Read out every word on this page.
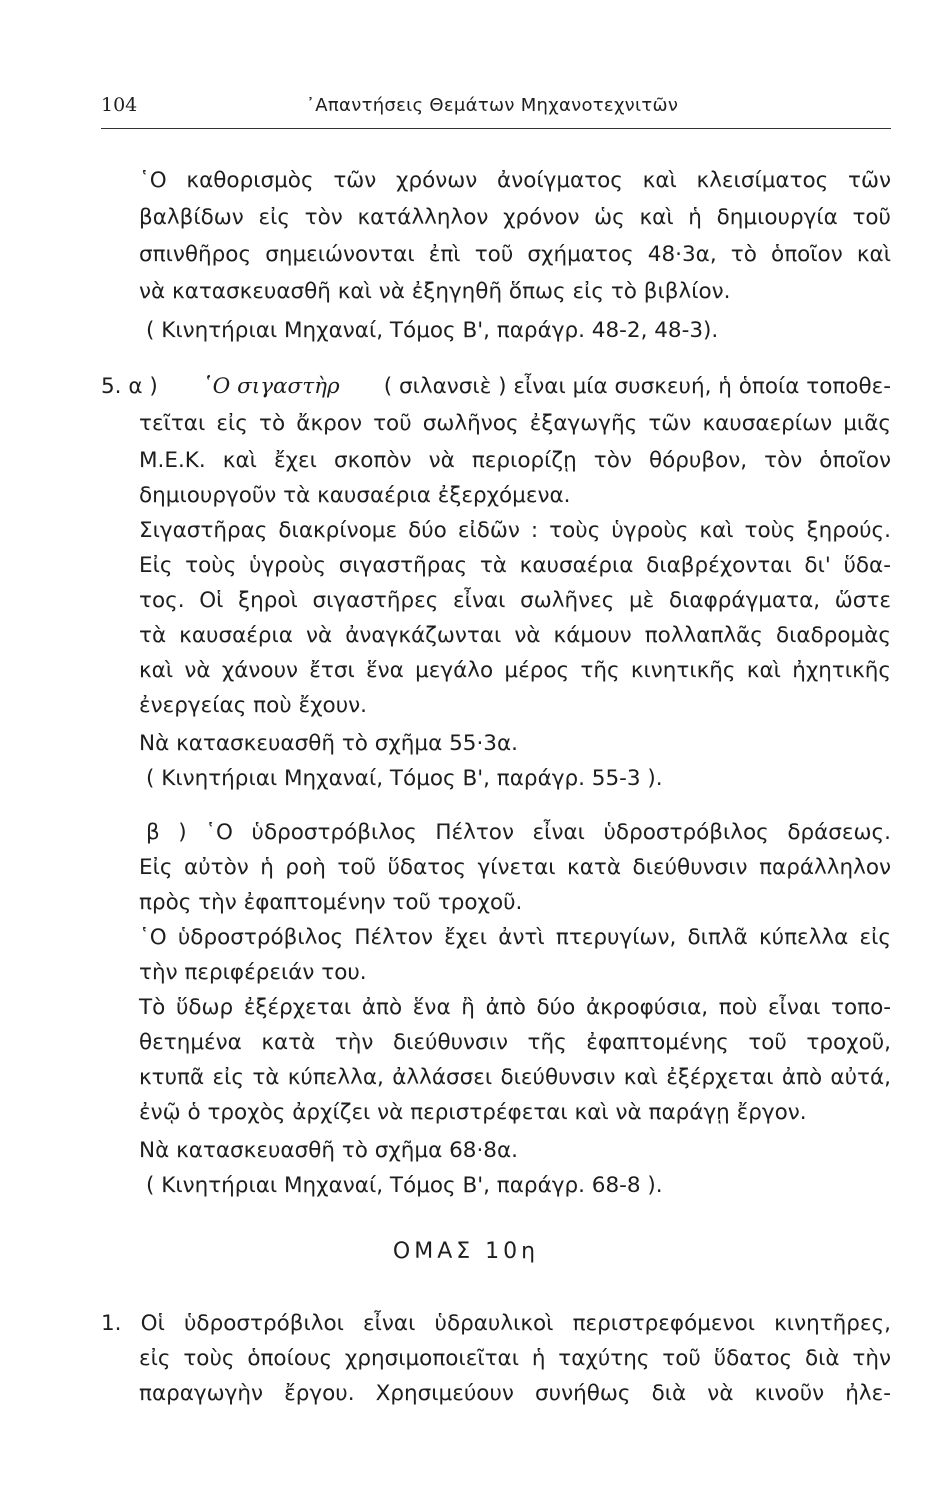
104	᾿Απαντήσεις Θεμάτων Μηχανοτεχνιτῶν
῾Ο καθορισμὸς τῶν χρόνων ἀνοίγματος καὶ κλεισίματος τῶν
βαλβίδων εἰς τὸν κατάλληλον χρόνον ὡς καὶ ἡ δημιουργία τοῦ
σπινθῆρος σημειώνονται ἐπὶ τοῦ σχήματος 48·3α, τὸ ὁποῖον καὶ
νὰ κατασκευασθῆ καὶ νὰ ἐξηγηθῆ ὅπως εἰς τὸ βιβλίον.
( Κινητήριαι Μηχαναί, Τόμος Β', παράγρ. 48-2, 48-3).
5. α ) ῾Ο σιγαστὴρ ( σιλανσιὲ ) εἶναι μία συσκευή, ἡ ὁποία τοποθε-
τεῖται εἰς τὸ ἄκρον τοῦ σωλῆνος ἐξαγωγῆς τῶν καυσαερίων μιᾶς
Μ.Ε.Κ. καὶ ἔχει σκοπὸν νὰ περιορίζῃ τὸν θόρυβον, τὸν ὁποῖον
δημιουργοῦν τὰ καυσαέρια ἐξερχόμενα.
Σιγαστῆρας διακρίνομε δύο εἰδῶν : τοὺς ὑγροὺς καὶ τοὺς ξηρούς.
Εἰς τοὺς ὑγροὺς σιγαστῆρας τὰ καυσαέρια διαβρέχονται δι' ὕδα-
τος. Οἱ ξηροὶ σιγαστῆρες εἶναι σωλῆνες μὲ διαφράγματα, ὥστε
τὰ καυσαέρια νὰ ἀναγκάζωνται νὰ κάμουν πολλαπλᾶς διαδρομὰς
καὶ νὰ χάνουν ἔτσι ἕνα μεγάλο μέρος τῆς κινητικῆς καὶ ἠχητικῆς
ἐνεργείας ποὺ ἔχουν.
Νὰ κατασκευασθῆ τὸ σχῆμα 55·3α.
( Κινητήριαι Μηχαναί, Τόμος Β', παράγρ. 55-3 ).
β ) ῾Ο ὑδροστρόβιλος Πέλτον εἶναι ὑδροστρόβιλος δράσεως.
Εἰς αὐτὸν ἡ ροὴ τοῦ ὕδατος γίνεται κατὰ διεύθυνσιν παράλληλον
πρὸς τὴν ἐφαπτομένην τοῦ τροχοῦ.
῾Ο ὑδροστρόβιλος Πέλτον ἔχει ἀντὶ πτερυγίων, διπλᾶ κύπελλα εἰς
τὴν περιφέρειάν του.
Τὸ ὕδωρ ἐξέρχεται ἀπὸ ἕνα ἢ ἀπὸ δύο ἀκροφύσια, ποὺ εἶναι τοπο-
θετημένα κατὰ τὴν διεύθυνσιν τῆς ἐφαπτομένης τοῦ τροχοῦ,
κτυπᾶ εἰς τὰ κύπελλα, ἀλλάσσει διεύθυνσιν καὶ ἐξέρχεται ἀπὸ αὐτά,
ἐνῷ ὁ τροχὸς ἀρχίζει νὰ περιστρέφεται καὶ νὰ παράγῃ ἔργον.
Νὰ κατασκευασθῆ τὸ σχῆμα 68·8α.
( Κινητήριαι Μηχαναί, Τόμος Β', παράγρ. 68-8 ).
ΟΜΑΣ 10η
1. Οἱ ὑδροστρόβιλοι εἶναι ὑδραυλικοὶ περιστρεφόμενοι κινητῆρες,
εἰς τοὺς ὁποίους χρησιμοποιεῖται ἡ ταχύτης τοῦ ὕδατος διὰ τὴν
παραγωγὴν ἔργου. Χρησιμεύουν συνήθως διὰ νὰ κινοῦν ἠλε-
